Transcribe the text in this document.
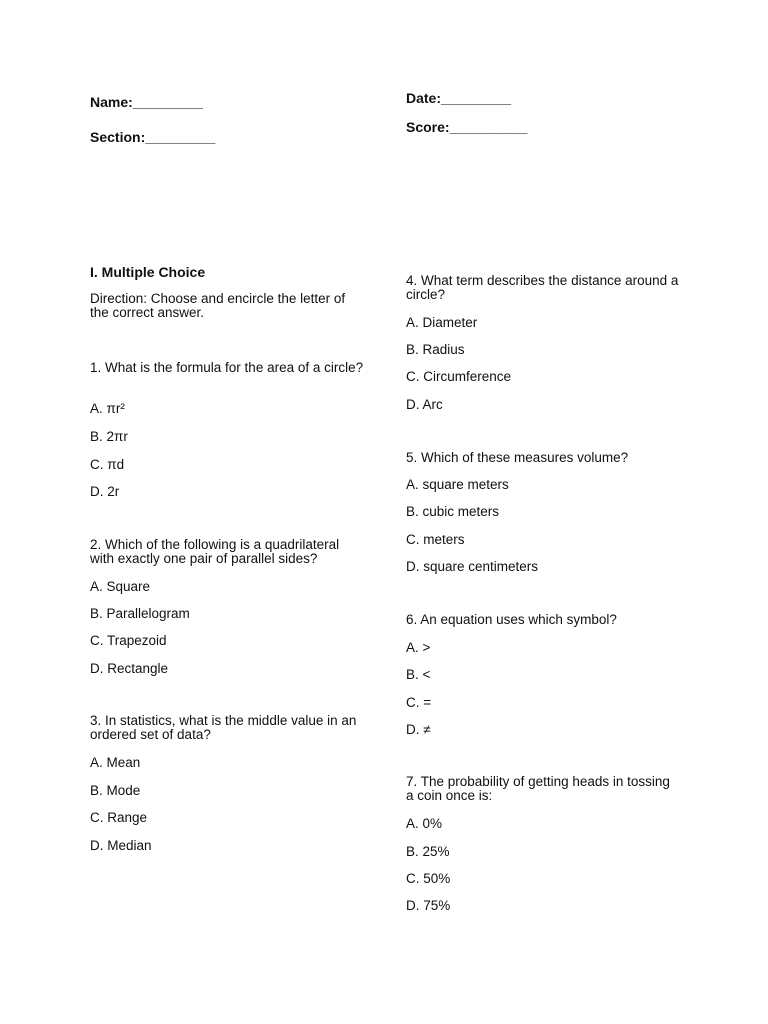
Name:_________
Section:_________
Date:_________
Score:__________
I. Multiple Choice
Direction: Choose and encircle the letter of the correct answer.
1. What is the formula for the area of a circle?
A. πr²
B. 2πr
C. πd
D. 2r
2. Which of the following is a quadrilateral with exactly one pair of parallel sides?
A. Square
B. Parallelogram
C. Trapezoid
D. Rectangle
3. In statistics, what is the middle value in an ordered set of data?
A. Mean
B. Mode
C. Range
D. Median
4. What term describes the distance around a circle?
A. Diameter
B. Radius
C. Circumference
D. Arc
5. Which of these measures volume?
A. square meters
B. cubic meters
C. meters
D. square centimeters
6. An equation uses which symbol?
A. >
B. <
C. =
D. ≠
7. The probability of getting heads in tossing a coin once is:
A. 0%
B. 25%
C. 50%
D. 75%
